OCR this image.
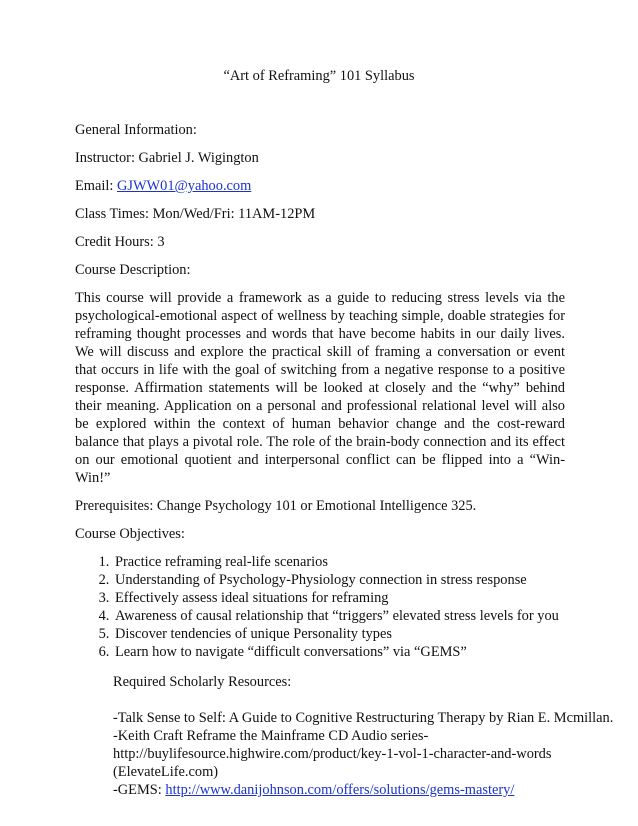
“Art of Reframing” 101 Syllabus

General Information:

Instructor: Gabriel J. Wigington

Email: GJWW01@yahoo.com

Class Times: Mon/Wed/Fri: 11AM-12PM

Credit Hours: 3

Course Description:

This course will provide a framework as a guide to reducing stress levels via the psychological-emotional aspect of wellness by teaching simple, doable strategies for reframing thought processes and words that have become habits in our daily lives. We will discuss and explore the practical skill of framing a conversation or event that occurs in life with the goal of switching from a negative response to a positive response. Affirmation statements will be looked at closely and the “why” behind their meaning. Application on a personal and professional relational level will also be explored within the context of human behavior change and the cost-reward balance that plays a pivotal role. The role of the brain-body connection and its effect on our emotional quotient and interpersonal conflict can be flipped into a “Win-Win!”

Prerequisites: Change Psychology 101 or Emotional Intelligence 325.

Course Objectives:

1. Practice reframing real-life scenarios
2. Understanding of Psychology-Physiology connection in stress response
3. Effectively assess ideal situations for reframing
4. Awareness of causal relationship that “triggers” elevated stress levels for you
5. Discover tendencies of unique Personality types
6. Learn how to navigate “difficult conversations” via “GEMS”

Required Scholarly Resources:

-Talk Sense to Self: A Guide to Cognitive Restructuring Therapy by Rian E. Mcmillan.

-Keith Craft Reframe the Mainframe CD Audio series-

http://buylifesource.highwire.com/product/key-1-vol-1-character-and-words

(ElevateLife.com)

-GEMS: http://www.danijohnson.com/offers/solutions/gems-mastery/
